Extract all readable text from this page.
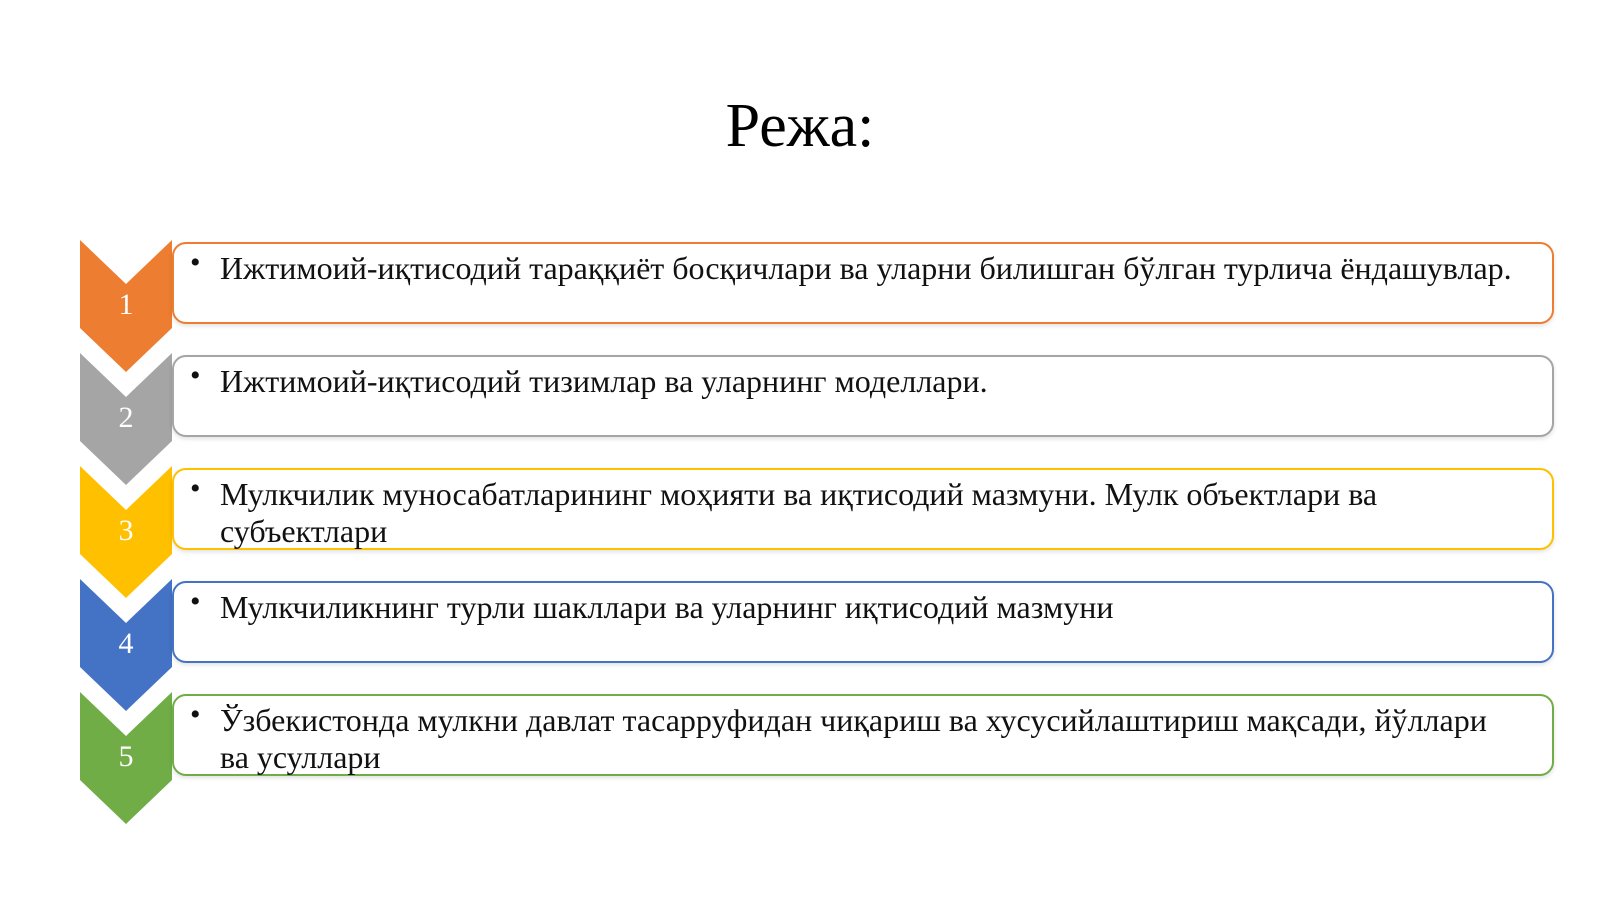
Режа:
1
• Ижтимоий-иқтисодий тараққиёт босқичлари ва уларни билишган бўлган турлича ёндашувлар.
2
• Ижтимоий-иқтисодий тизимлар ва уларнинг моделлари.
3
• Мулкчилик муносабатларининг моҳияти ва иқтисодий мазмуни. Мулк объектлари ва субъектлари
4
• Мулкчиликнинг турли шакллари ва уларнинг иқтисодий мазмуни
5
• Ўзбекистонда мулкни давлат тасарруфидан чиқариш ва хусусийлаштириш мақсади, йўллари ва усуллари
